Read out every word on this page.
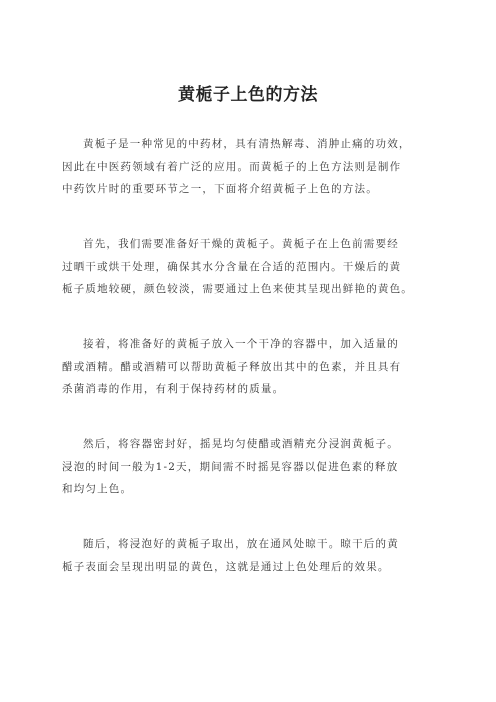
黄栀子上色的方法
黄栀子是一种常见的中药材，具有清热解毒、消肿止痛的功效，
因此在中医药领域有着广泛的应用。而黄栀子的上色方法则是制作
中药饮片时的重要环节之一，下面将介绍黄栀子上色的方法。
首先，我们需要准备好干燥的黄栀子。黄栀子在上色前需要经
过晒干或烘干处理，确保其水分含量在合适的范围内。干燥后的黄
栀子质地较硬，颜色较淡，需要通过上色来使其呈现出鲜艳的黄色。
接着，将准备好的黄栀子放入一个干净的容器中，加入适量的
醋或酒精。醋或酒精可以帮助黄栀子释放出其中的色素，并且具有
杀菌消毒的作用，有利于保持药材的质量。
然后，将容器密封好，摇晃均匀使醋或酒精充分浸润黄栀子。
浸泡的时间一般为1-2天，期间需不时摇晃容器以促进色素的释放
和均匀上色。
随后，将浸泡好的黄栀子取出，放在通风处晾干。晾干后的黄
栀子表面会呈现出明显的黄色，这就是通过上色处理后的效果。
